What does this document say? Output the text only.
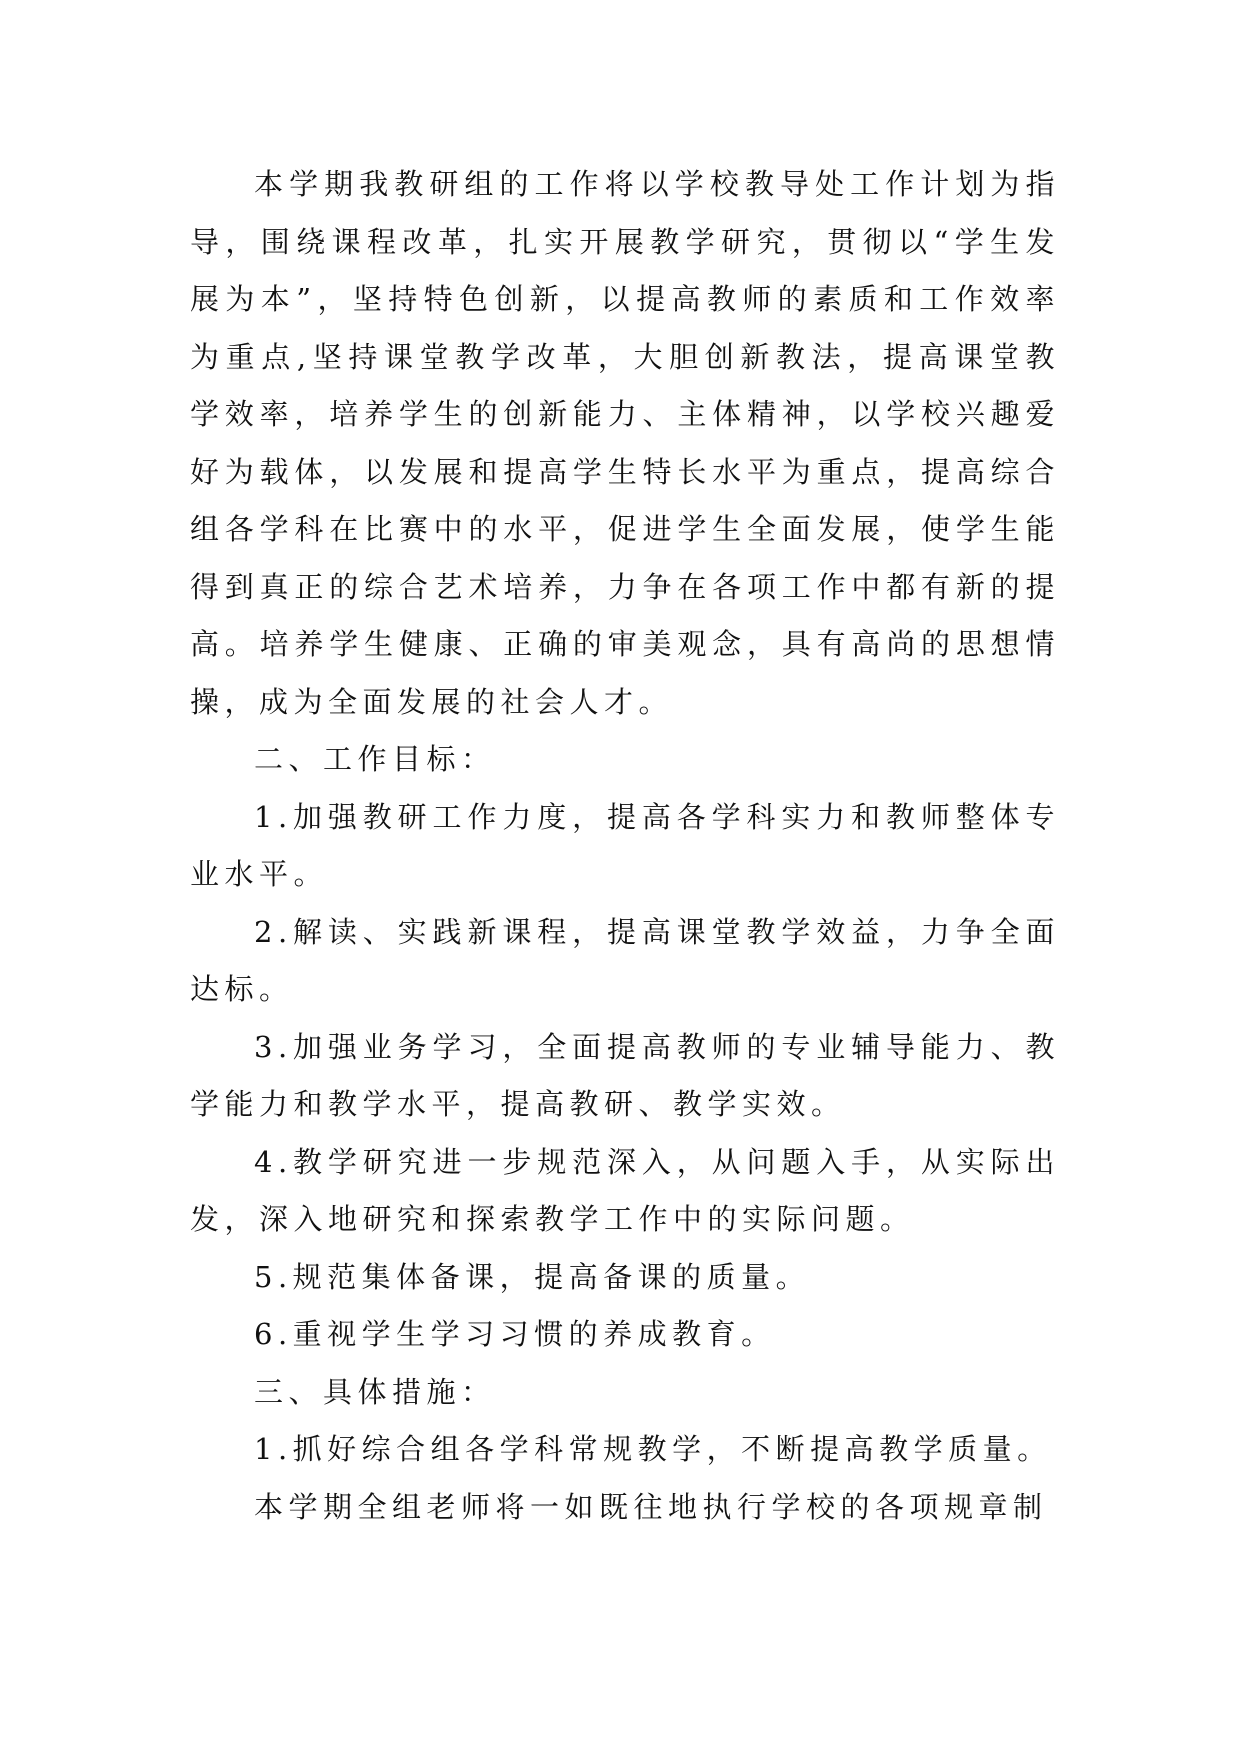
本学期我教研组的工作将以学校教导处工作计划为指导，围绕课程改革，扎实开展教学研究，贯彻以“学生发展为本”，坚持特色创新，以提高教师的素质和工作效率为重点,坚持课堂教学改革，大胆创新教法，提高课堂教学效率，培养学生的创新能力、主体精神，以学校兴趣爱好为载体，以发展和提高学生特长水平为重点，提高综合组各学科在比赛中的水平，促进学生全面发展，使学生能得到真正的综合艺术培养，力争在各项工作中都有新的提高。培养学生健康、正确的审美观念，具有高尚的思想情操，成为全面发展的社会人才。

二、工作目标：

1.加强教研工作力度，提高各学科实力和教师整体专业水平。

2.解读、实践新课程，提高课堂教学效益，力争全面达标。

3.加强业务学习，全面提高教师的专业辅导能力、教学能力和教学水平，提高教研、教学实效。

4.教学研究进一步规范深入，从问题入手，从实际出发，深入地研究和探索教学工作中的实际问题。

5.规范集体备课，提高备课的质量。

6.重视学生学习习惯的养成教育。

三、具体措施：

1.抓好综合组各学科常规教学，不断提高教学质量。

本学期全组老师将一如既往地执行学校的各项规章制
